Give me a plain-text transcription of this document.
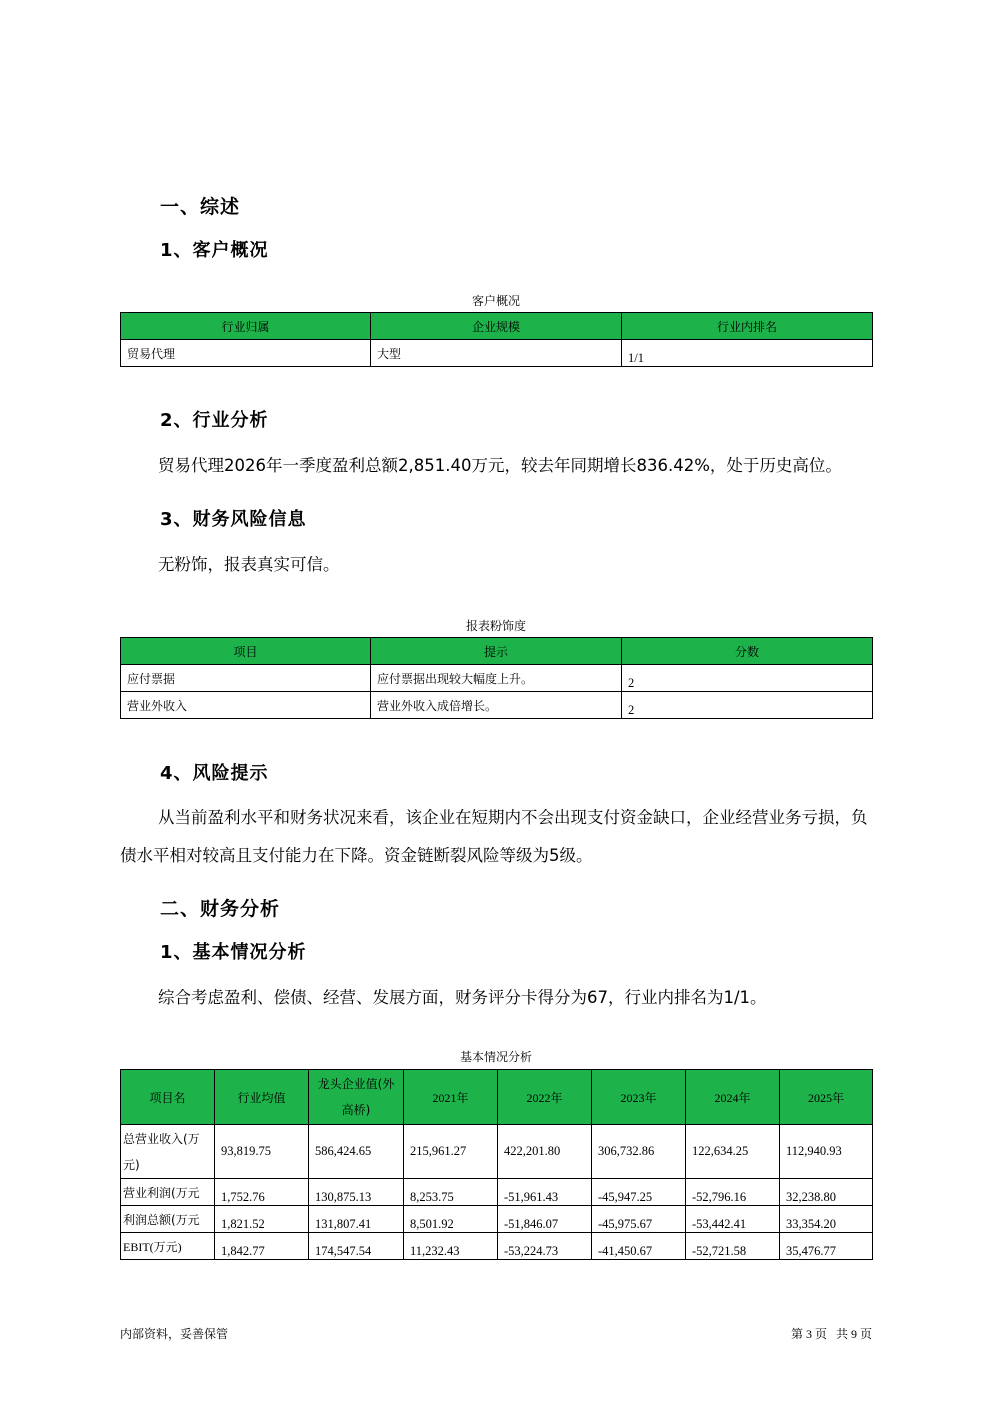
一、综述
1、客户概况
客户概况
行业归属	企业规模	行业内排名
贸易代理	大型	1/1
2、行业分析
贸易代理2026年一季度盈利总额2,851.40万元，较去年同期增长836.42%，处于历史高位。
3、财务风险信息
无粉饰，报表真实可信。
报表粉饰度
项目	提示	分数
应付票据	应付票据出现较大幅度上升。	2
营业外收入	营业外收入成倍增长。	2
4、风险提示
从当前盈利水平和财务状况来看，该企业在短期内不会出现支付资金缺口，企业经营业务亏损，负债水平相对较高且支付能力在下降。资金链断裂风险等级为5级。
二、财务分析
1、基本情况分析
综合考虑盈利、偿债、经营、发展方面，财务评分卡得分为67，行业内排名为1/1。
基本情况分析
项目名	行业均值	龙头企业值(外高桥)	2021年	2022年	2023年	2024年	2025年
总营业收入(万元)	93,819.75	586,424.65	215,961.27	422,201.80	306,732.86	122,634.25	112,940.93
营业利润(万元	1,752.76	130,875.13	8,253.75	-51,961.43	-45,947.25	-52,796.16	32,238.80
利润总额(万元	1,821.52	131,807.41	8,501.92	-51,846.07	-45,975.67	-53,442.41	33,354.20
EBIT(万元)	1,842.77	174,547.54	11,232.43	-53,224.73	-41,450.67	-52,721.58	35,476.77
内部资料，妥善保管	第 3 页   共 9 页
